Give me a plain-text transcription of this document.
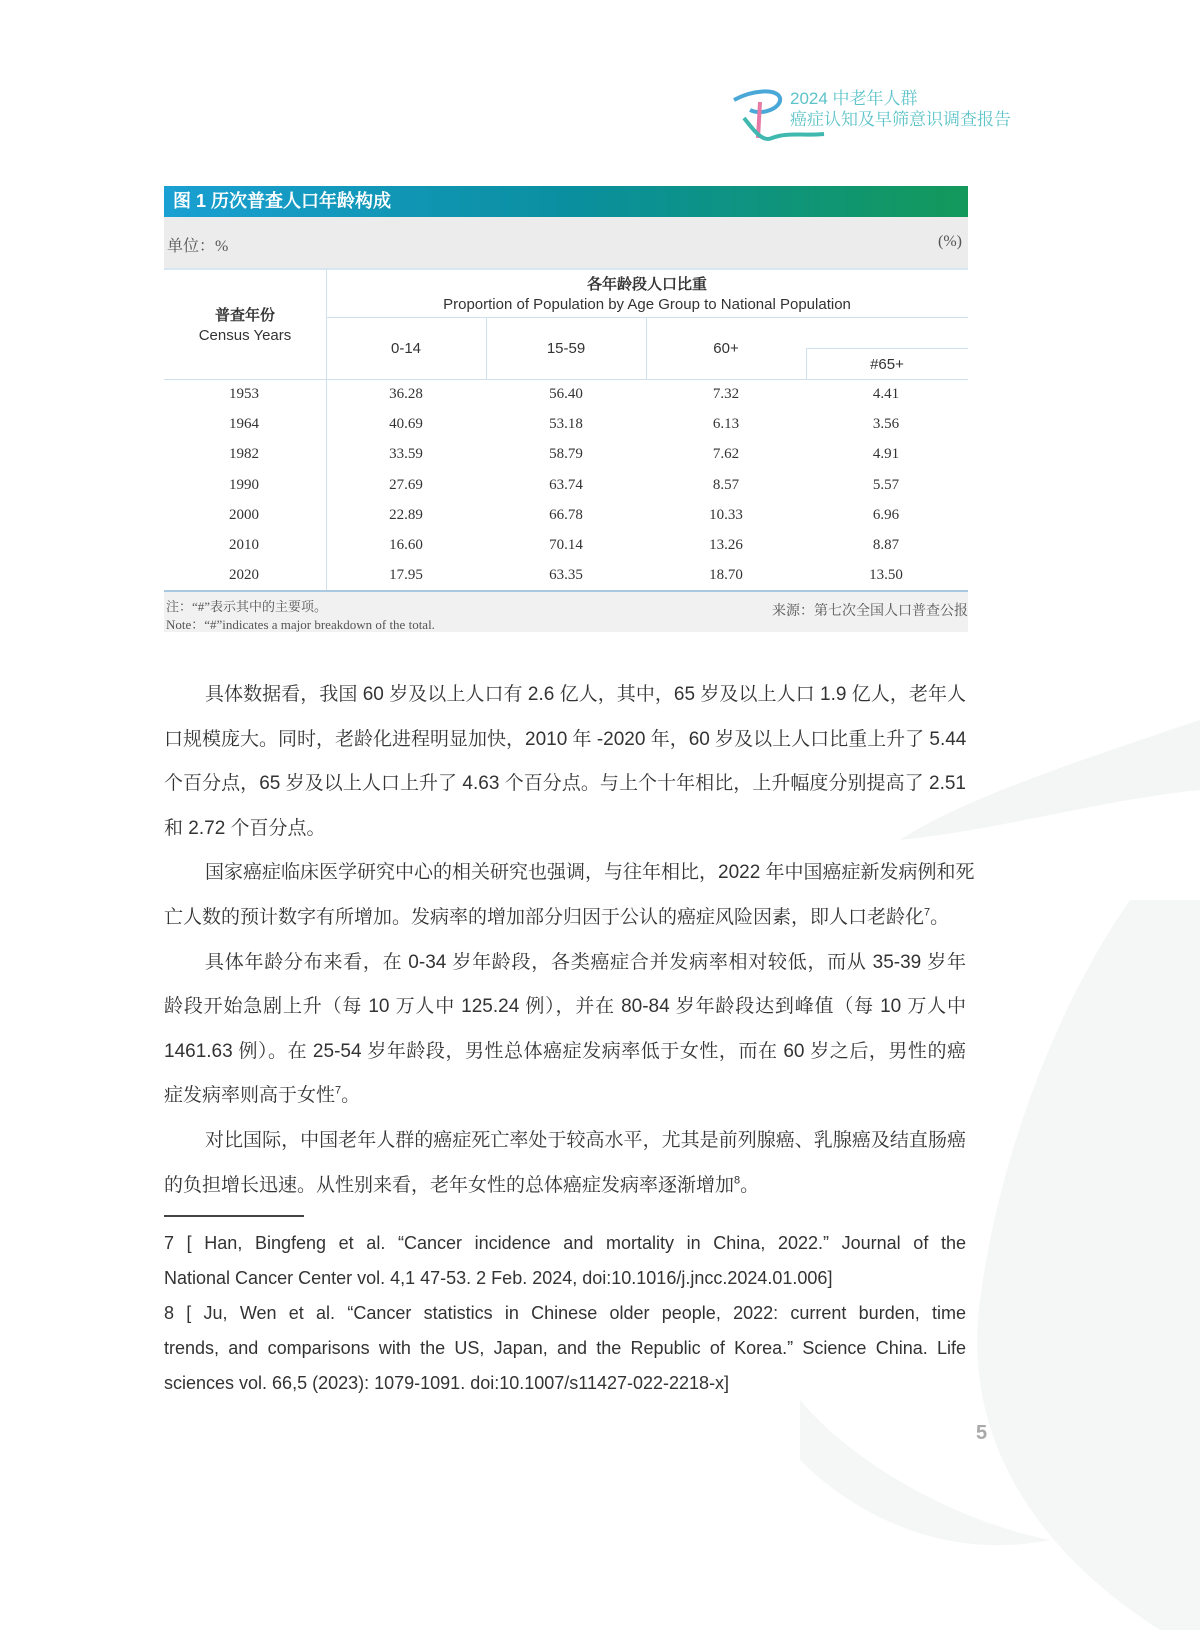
2024 中老年人群
癌症认知及早筛意识调查报告
图 1 历次普查人口年龄构成
单位：%	(%)
普查年份
Census Years
各年龄段人口比重
Proportion of Population by Age Group to National Population
0-14	15-59	60+
#65+
1953	36.28	56.40	7.32	4.41
1964	40.69	53.18	6.13	3.56
1982	33.59	58.79	7.62	4.91
1990	27.69	63.74	8.57	5.57
2000	22.89	66.78	10.33	6.96
2010	16.60	70.14	13.26	8.87
2020	17.95	63.35	18.70	13.50
注：“#”表示其中的主要项。
Note：“#”indicates a major breakdown of the total.
来源：第七次全国人口普查公报
具体数据看，我国 60 岁及以上人口有 2.6 亿人，其中，65 岁及以上人口 1.9 亿人，老年人
口规模庞大。同时，老龄化进程明显加快，2010 年 -2020 年，60 岁及以上人口比重上升了 5.44
个百分点，65 岁及以上人口上升了 4.63 个百分点。与上个十年相比，上升幅度分别提高了 2.51
和 2.72 个百分点。
国家癌症临床医学研究中心的相关研究也强调，与往年相比，2022 年中国癌症新发病例和死
亡人数的预计数字有所增加。发病率的增加部分归因于公认的癌症风险因素，即人口老龄化$^7$。
具体年龄分布来看，在 0-34 岁年龄段，各类癌症合并发病率相对较低，而从 35-39 岁年
龄段开始急剧上升（每 10 万人中 125.24 例），并在 80-84 岁年龄段达到峰值（每 10 万人中
1461.63 例）。在 25-54 岁年龄段，男性总体癌症发病率低于女性，而在 60 岁之后，男性的癌
症发病率则高于女性$^7$。
对比国际，中国老年人群的癌症死亡率处于较高水平，尤其是前列腺癌、乳腺癌及结直肠癌
的负担增长迅速。从性别来看，老年女性的总体癌症发病率逐渐增加$^8$。
7 [ Han, Bingfeng et al. “Cancer incidence and mortality in China, 2022.” Journal of the
National Cancer Center vol. 4,1 47-53. 2 Feb. 2024, doi:10.1016/j.jncc.2024.01.006]
8 [ Ju, Wen et al. “Cancer statistics in Chinese older people, 2022: current burden, time
trends, and comparisons with the US, Japan, and the Republic of Korea.” Science China. Life
sciences vol. 66,5 (2023): 1079-1091. doi:10.1007/s11427-022-2218-x]
5
